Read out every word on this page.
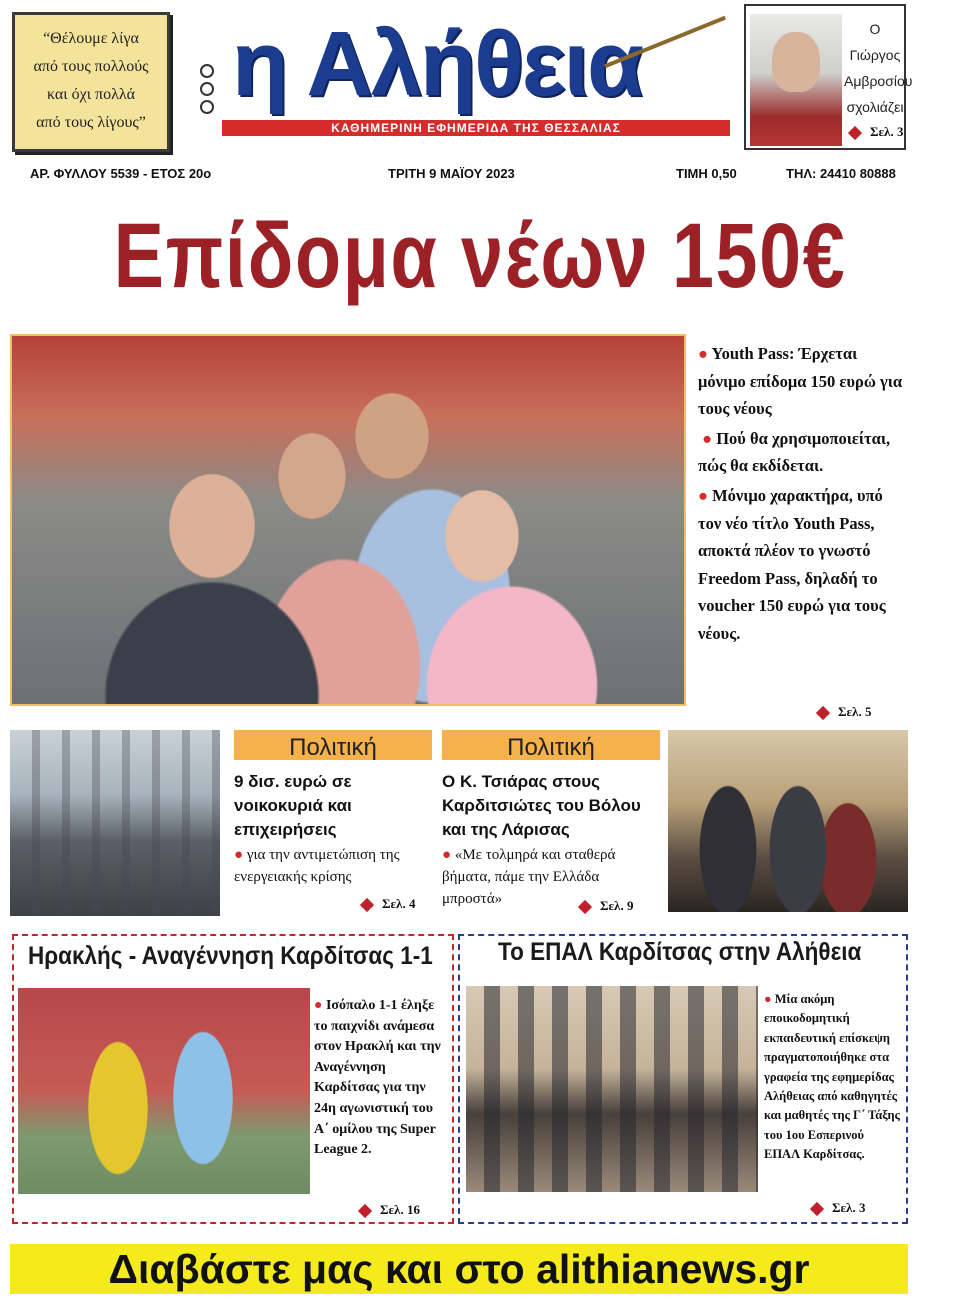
“Θέλουμε λίγα
από τους πολλούς
και όχι πολλά
από τους λίγους”
η Αλήθεια
ΚΑΘΗΜΕΡΙΝΗ ΕΦΗΜΕΡΙΔΑ ΤΗΣ ΘΕΣΣΑΛΙΑΣ
Ο Γιώργος
Αμβροσίου
σχολιάζει
Σελ. 3
ΑΡ. ΦΥΛΛΟΥ 5539 - ΕΤΟΣ 20ο	ΤΡΙΤΗ 9 ΜΑΪΟΥ 2023	ΤΙΜΗ 0,50	ΤΗΛ: 24410 80888
Επίδομα νέων 150€

● Youth Pass: Έρχεται μόνιμο επίδομα 150 ευρώ για τους νέους

● Πού θα χρησιμοποιείται, πώς θα εκδίδεται.

● Μόνιμο χαρακτήρα, υπό τον νέο τίτλο Youth Pass, αποκτά πλέον το γνωστό Freedom Pass, δηλαδή το voucher 150 ευρώ για τους νέους.

Σελ. 5
Πολιτική
9 δισ. ευρώ σε νοικοκυριά και επιχειρήσεις
● για την αντιμετώπιση της ενεργειακής κρίσης
Σελ. 4
Πολιτική
Ο Κ. Τσιάρας στους Καρδιτσιώτες του Βόλου και της Λάρισας
● «Με τολμηρά και σταθερά βήματα, πάμε την Ελλάδα μπροστά»	Σελ. 9
Ηρακλής - Αναγέννηση Καρδίτσας 1-1
● Ισόπαλο 1-1 έληξε το παιχνίδι ανάμεσα στον Ηρακλή και την Αναγέννηση Καρδίτσας για την 24η αγωνιστική του Α΄ ομίλου της Super League 2.
Σελ. 16
Το ΕΠΑΛ Καρδίτσας στην Αλήθεια
● Μία ακόμη εποικοδομητική εκπαιδευτική επίσκεψη πραγματοποιήθηκε στα γραφεία της εφημερίδας Αλήθειας από καθηγητές και μαθητές της Γ΄ Τάξης του 1ου Εσπερινού ΕΠΑΛ Καρδίτσας.
Σελ. 3
Διαβάστε μας και στο alithianews.gr
